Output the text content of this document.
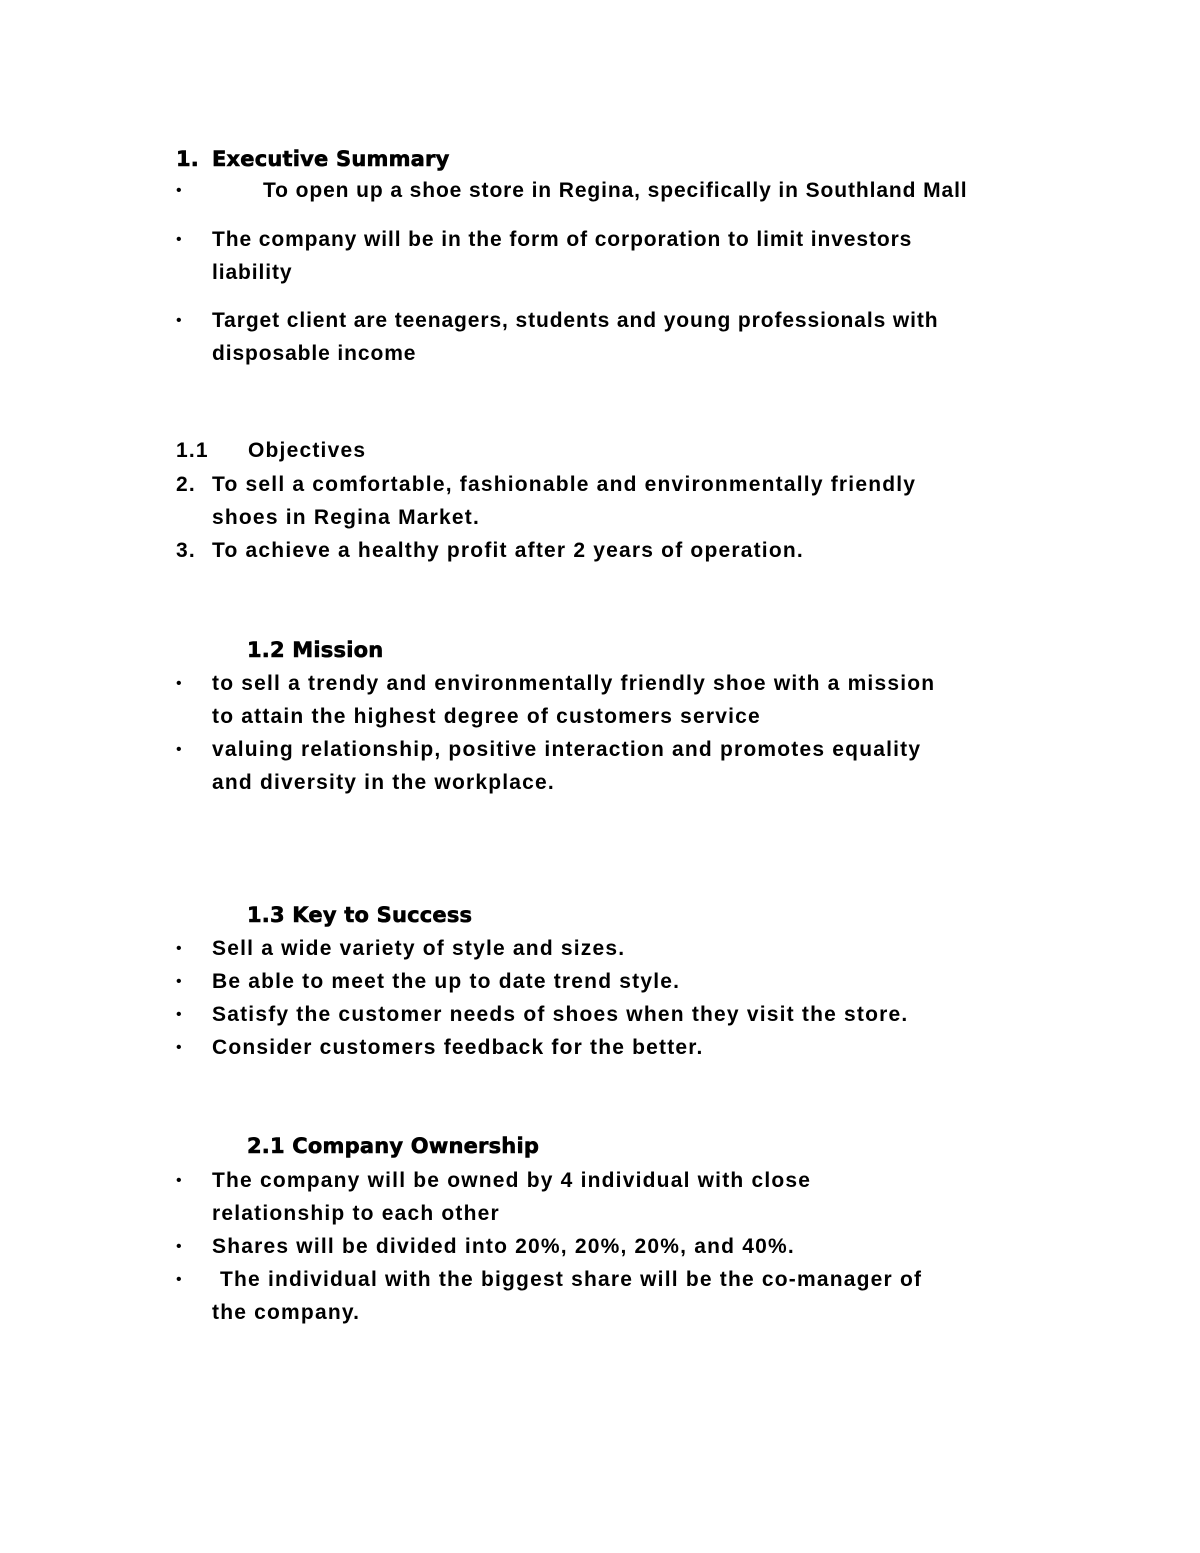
1. Executive Summary
•	To open up a shoe store in Regina, specifically in Southland Mall
• The company will be in the form of corporation to limit investors
liability
• Target client are teenagers, students and young professionals with
disposable income
1.1 Objectives
2. To sell a comfortable, fashionable and environmentally friendly
shoes in Regina Market.
3. To achieve a healthy profit after 2 years of operation.
1.2 Mission
• to sell a trendy and environmentally friendly shoe with a mission
to attain the highest degree of customers service
• valuing relationship, positive interaction and promotes equality
and diversity in the workplace.
1.3 Key to Success
• Sell a wide variety of style and sizes.
• Be able to meet the up to date trend style.
• Satisfy the customer needs of shoes when they visit the store.
• Consider customers feedback for the better.
2.1 Company Ownership
• The company will be owned by 4 individual with close
relationship to each other
• Shares will be divided into 20%, 20%, 20%, and 40%.
• The individual with the biggest share will be the co-manager of
the company.
